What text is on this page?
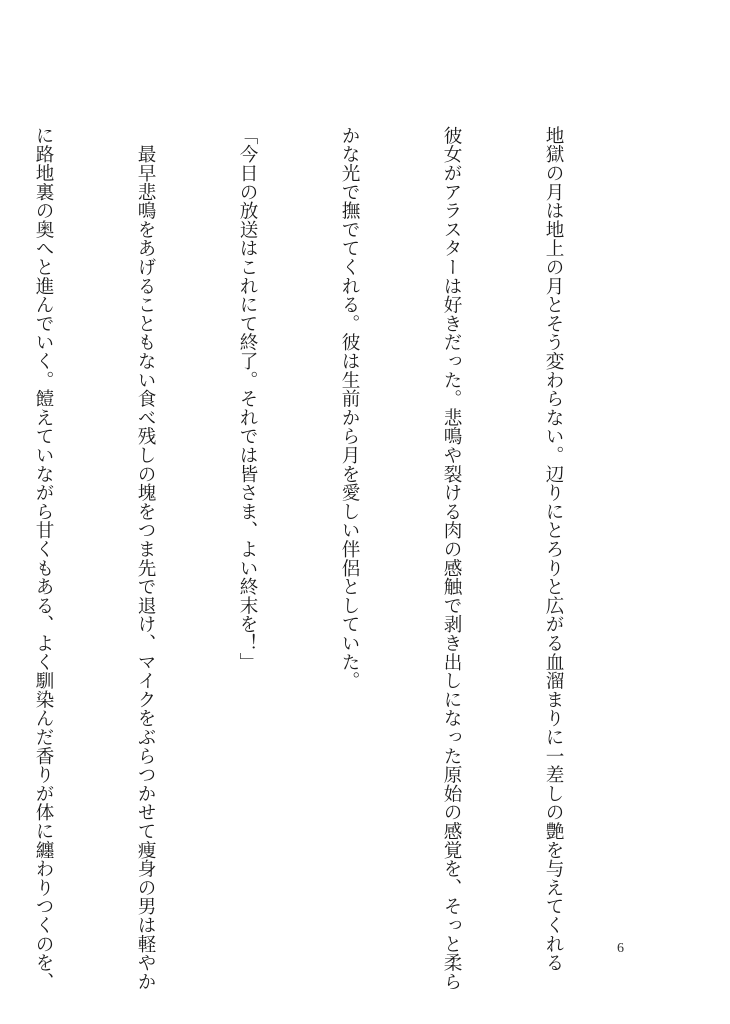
地獄の月は地上の月とそう変わらない。辺りにとろりと広がる血溜まりに一差しの艶を与えてくれる

彼女がアラスターは好きだった。悲鳴や裂ける肉の感触で剥き出しになった原始の感覚を、そっと柔ら

かな光で撫でてくれる。彼は生前から月を愛しい伴侶としていた。

「今日の放送はこれにて終了。それでは皆さま、よい終末を！」

　最早悲鳴をあげることもない食べ残しの塊をつま先で退け、マイクをぶらつかせて痩身の男は軽やか

に路地裏の奥へと進んでいく。饐えていながら甘くもある、よく馴染んだ香りが体に纏わりつくのを、

	6
